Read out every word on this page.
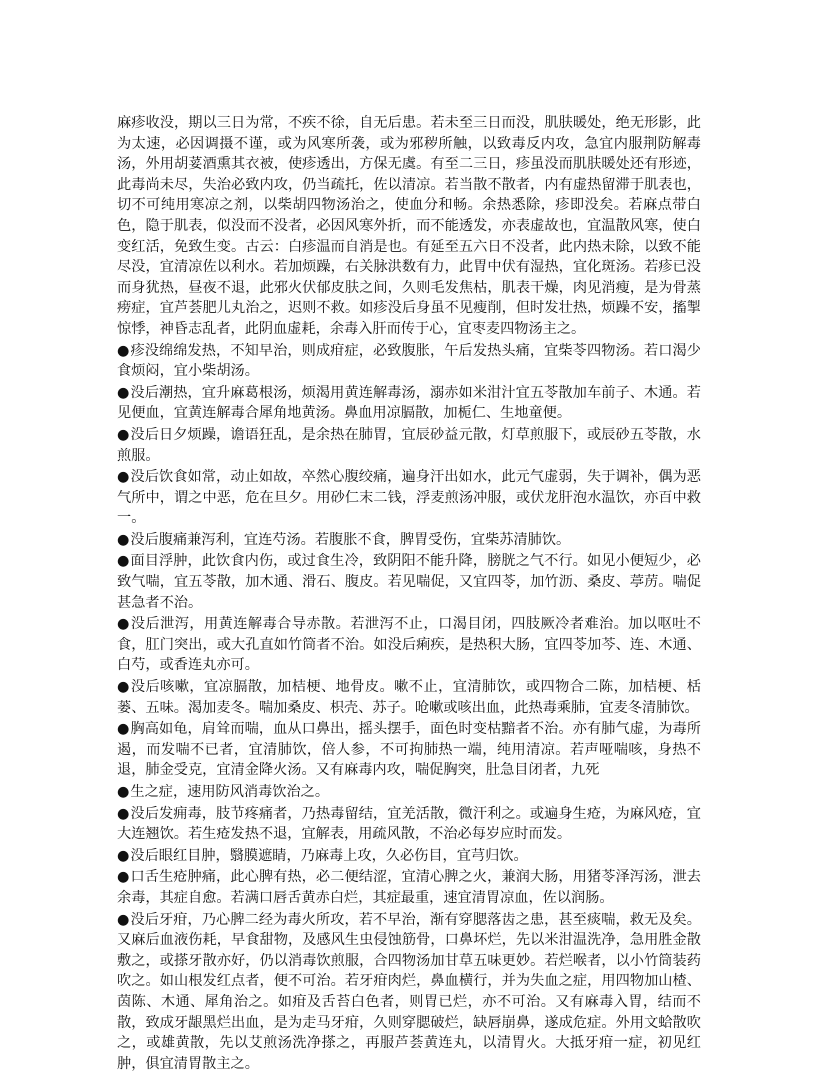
麻疹收没，期以三日为常，不疾不徐，自无后患。若未至三日而没，肌肤暖处，绝无形影，此为太速，必因调摄不谨，或为风寒所袭，或为邪秽所触，以致毒反内攻，急宜内服荆防解毒汤，外用胡荽酒熏其衣被，使疹透出，方保无虞。有至二三日，疹虽没而肌肤暖处还有形迹，此毒尚未尽，失治必致内攻，仍当疏托，佐以清凉。若当散不散者，内有虚热留滞于肌表也，切不可纯用寒凉之剂，以柴胡四物汤治之，使血分和畅。余热悉除，疹即没矣。若麻点带白色，隐于肌表，似没而不没者，必因风寒外折，而不能透发，亦表虚故也，宜温散风寒，使白变红活，免致生变。古云：白疹温而自消是也。有延至五六日不没者，此内热未除，以致不能尽没，宜清凉佐以利水。若加烦躁，右关脉洪数有力，此胃中伏有湿热，宜化斑汤。若疹已没而身犹热，昼夜不退，此邪火伏郁皮肤之间，久则毛发焦枯，肌表干燥，肉见消瘦，是为骨蒸痨症，宜芦荟肥儿丸治之，迟则不救。如疹没后身虽不见瘦削，但时发壮热，烦躁不安，搐掣惊悸，神昏志乱者，此阴血虚耗，余毒入肝而传于心，宜枣麦四物汤主之。

●疹没绵绵发热，不知早治，则成疳症，必致腹胀，午后发热头痛，宜柴苓四物汤。若口渴少食烦闷，宜小柴胡汤。

●没后潮热，宜升麻葛根汤，烦渴用黄连解毒汤，溺赤如米泔汁宜五苓散加车前子、木通。若见便血，宜黄连解毒合犀角地黄汤。鼻血用凉膈散，加栀仁、生地童便。

●没后日夕烦躁，谵语狂乱，是余热在肺胃，宜辰砂益元散，灯草煎服下，或辰砂五苓散，水煎服。

●没后饮食如常，动止如故，卒然心腹绞痛，遍身汗出如水，此元气虚弱，失于调补，偶为恶气所中，谓之中恶，危在旦夕。用砂仁末二钱，浮麦煎汤冲服，或伏龙肝泡水温饮，亦百中救一。

●没后腹痛兼泻利，宜连芍汤。若腹胀不食，脾胃受伤，宜柴苏清肺饮。

●面目浮肿，此饮食内伤，或过食生冷，致阴阳不能升降，膀胱之气不行。如见小便短少，必致气喘，宜五苓散，加木通、滑石、腹皮。若见喘促，又宜四苓，加竹沥、桑皮、葶苈。喘促甚急者不治。

●没后泄泻，用黄连解毒合导赤散。若泄泻不止，口渴目闭，四肢厥冷者难治。加以呕吐不食，肛门突出，或大孔直如竹筒者不治。如没后痢疾，是热积大肠，宜四苓加芩、连、木通、白芍，或香连丸亦可。

●没后咳嗽，宜凉膈散，加桔梗、地骨皮。嗽不止，宜清肺饮，或四物合二陈，加桔梗、栝蒌、五味。渴加麦冬。喘加桑皮、枳壳、苏子。呛嗽或咳出血，此热毒乘肺，宜麦冬清肺饮。

●胸高如龟，肩耸而喘，血从口鼻出，摇头摆手，面色时变枯黯者不治。亦有肺气虚，为毒所遏，而发喘不已者，宜清肺饮，倍人参，不可拘肺热一端，纯用清凉。若声哑喘咳，身热不退，肺金受克，宜清金降火汤。又有麻毒内攻，喘促胸突，肚急目闭者，九死

●生之症，速用防风消毒饮治之。

●没后发痈毒，肢节疼痛者，乃热毒留结，宜羌活散，微汗利之。或遍身生疮，为麻风疮，宜大连翘饮。若生疮发热不退，宜解表，用疏风散，不治必每岁应时而发。

●没后眼红目肿，翳膜遮睛，乃麻毒上攻，久必伤目，宜芎归饮。

●口舌生疮肿痛，此心脾有热，必二便结涩，宜清心脾之火，兼润大肠，用猪苓泽泻汤，泄去余毒，其症自愈。若满口唇舌黄赤白烂，其症最重，速宜清胃凉血，佐以润肠。

●没后牙疳，乃心脾二经为毒火所攻，若不早治，渐有穿腮落齿之患，甚至痰喘，救无及矣。又麻后血液伤耗，早食甜物，及感风生虫侵蚀筋骨，口鼻坏烂，先以米泔温洗净，急用胜金散敷之，或搽牙散亦好，仍以消毒饮煎服，合四物汤加甘草五味更妙。若烂喉者，以小竹筒装药吹之。如山根发红点者，便不可治。若牙疳肉烂，鼻血横行，并为失血之症，用四物加山楂、茵陈、木通、犀角治之。如疳及舌苔白色者，则胃已烂，亦不可治。又有麻毒入胃，结而不散，致成牙龈黑烂出血，是为走马牙疳，久则穿腮破烂，缺唇崩鼻，遂成危症。外用文蛤散吹之，或雄黄散，先以艾煎汤洗净搽之，再服芦荟黄连丸，以清胃火。大抵牙疳一症，初见红肿，俱宜清胃散主之。
